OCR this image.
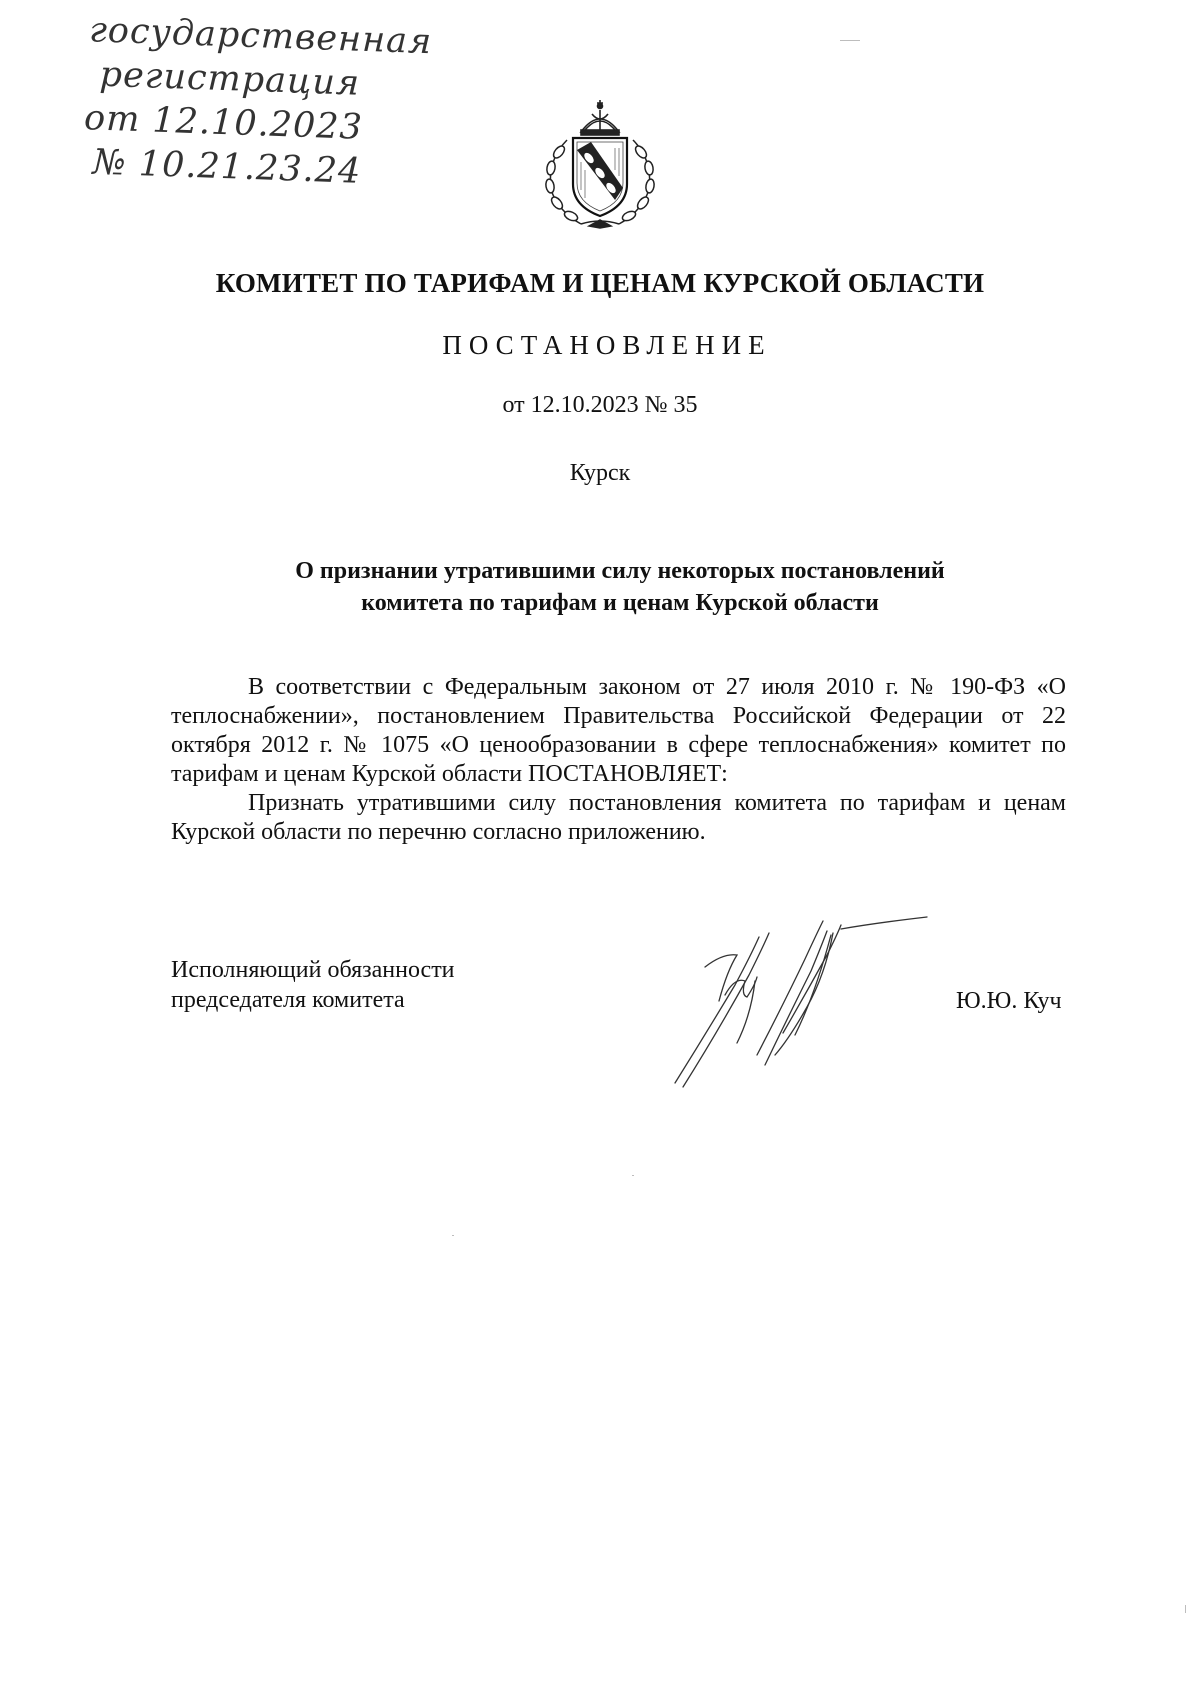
государственная
регистрация
от 12.10.2023
№ 10.21.23.24
КОМИТЕТ ПО ТАРИФАМ И ЦЕНАМ КУРСКОЙ ОБЛАСТИ
ПОСТАНОВЛЕНИЕ
от 12.10.2023 № 35
Курск
О признании утратившими силу некоторых постановлений
комитета по тарифам и ценам Курской области

В соответствии с Федеральным законом от 27 июля 2010 г. № 190-ФЗ «О теплоснабжении», постановлением Правительства Российской Федерации от 22 октября 2012 г. № 1075 «О ценообразовании в сфере теплоснабжения» комитет по тарифам и ценам Курской области ПОСТАНОВЛЯЕТ:

Признать утратившими силу постановления комитета по тарифам и ценам Курской области по перечню согласно приложению.

Исполняющий обязанности
председателя комитета	Ю.Ю. Куч
